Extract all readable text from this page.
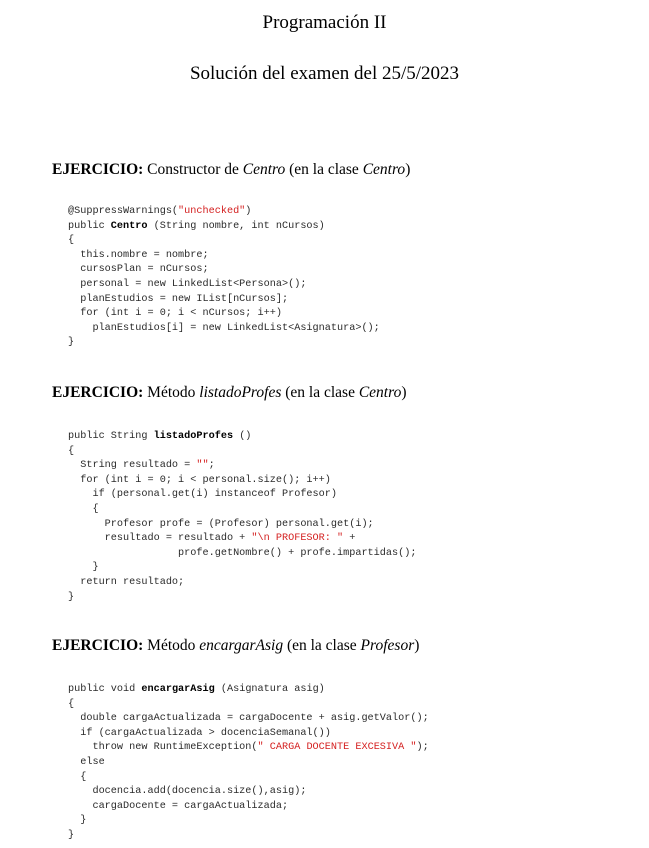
Programación II
Solución del examen del 25/5/2023
EJERCICIO: Constructor de Centro (en la clase Centro)
@SuppressWarnings("unchecked")
public Centro (String nombre, int nCursos)
{
this.nombre = nombre;
cursosPlan = nCursos;
personal = new LinkedList<Persona>();
planEstudios = new IList[nCursos];
for (int i = 0; i < nCursos; i++)
planEstudios[i] = new LinkedList<Asignatura>();
}
EJERCICIO: Método listadoProfes (en la clase Centro)
public String listadoProfes ()
{
String resultado = "";
for (int i = 0; i < personal.size(); i++)
if (personal.get(i) instanceof Profesor)
{
Profesor profe = (Profesor) personal.get(i);
resultado = resultado + "\n PROFESOR: " +
profe.getNombre() + profe.impartidas();
}
return resultado;
}
EJERCICIO: Método encargarAsig (en la clase Profesor)
public void encargarAsig (Asignatura asig)
{
double cargaActualizada = cargaDocente + asig.getValor();
if (cargaActualizada > docenciaSemanal())
throw new RuntimeException(" CARGA DOCENTE EXCESIVA ");
else
{
docencia.add(docencia.size(),asig);
cargaDocente = cargaActualizada;
}
}
